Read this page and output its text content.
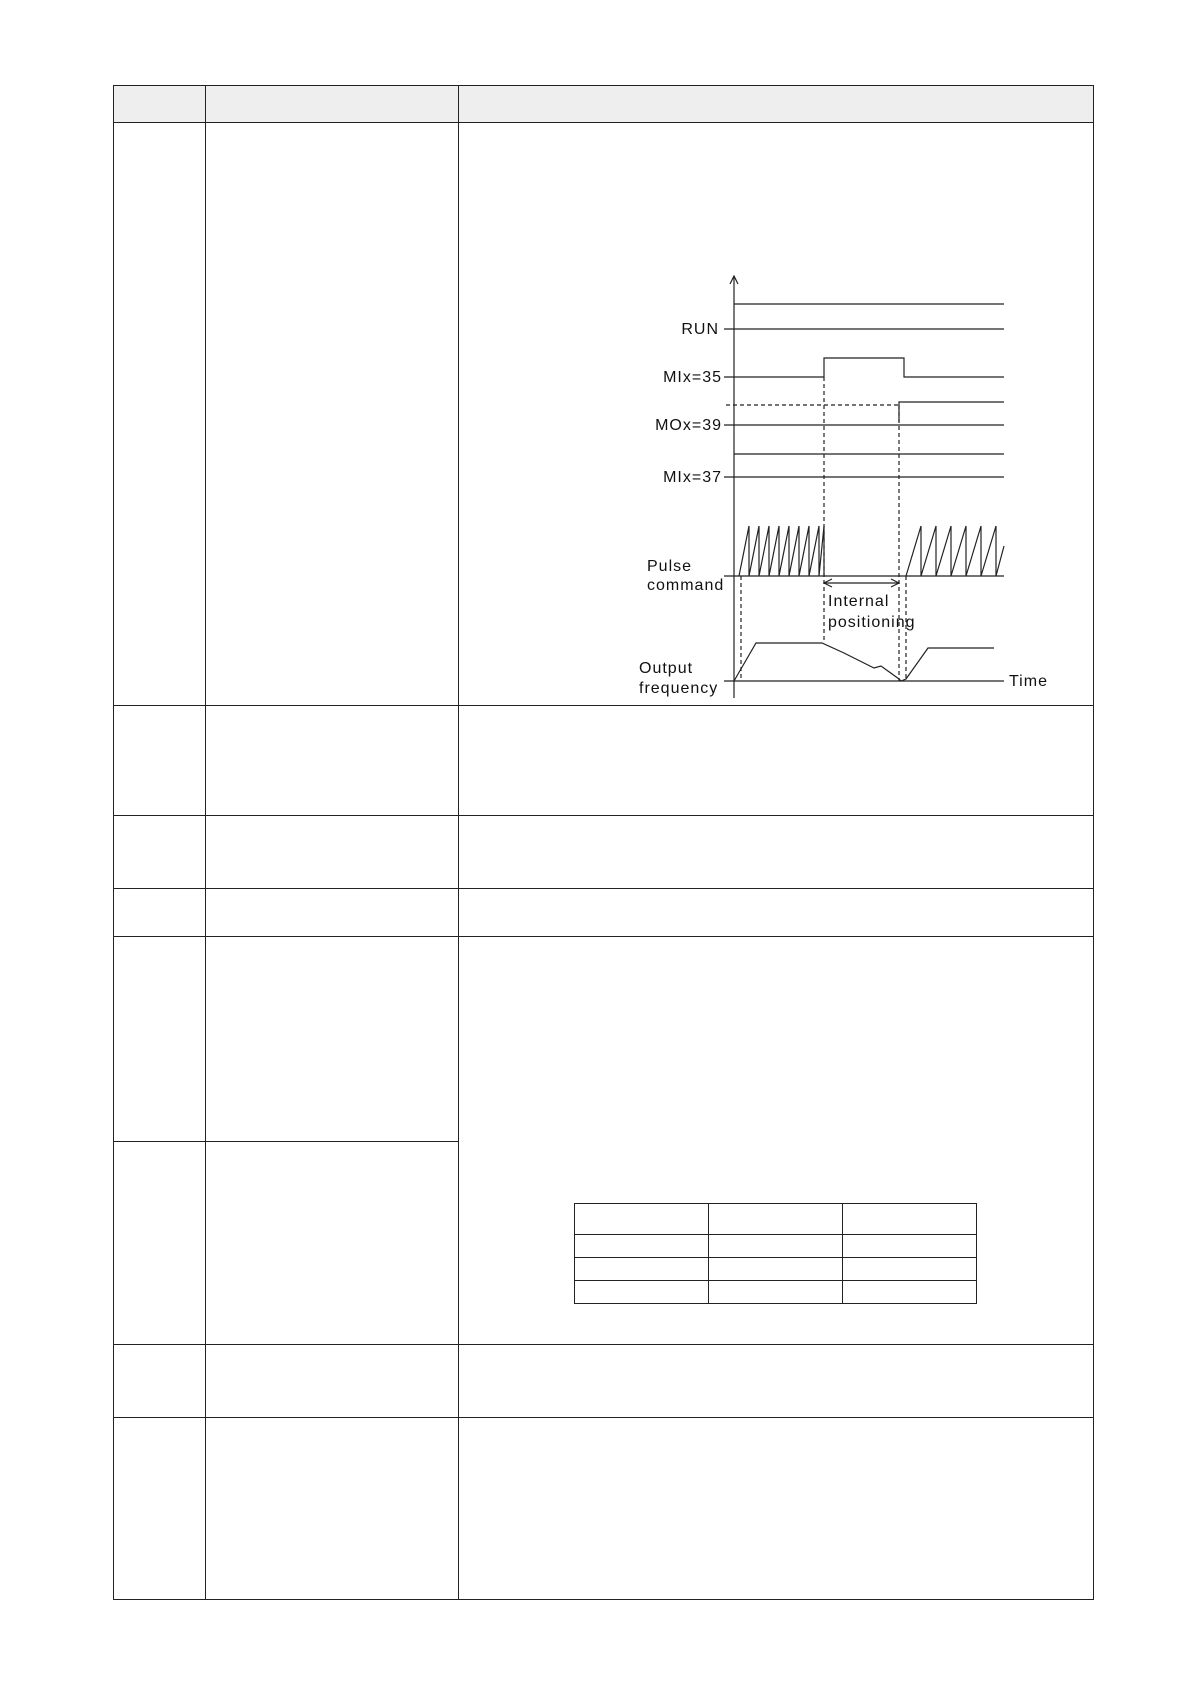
RUN
MIx=35
MOx=39
MIx=37
Pulse
command
Internal
positioning
Output
frequency	Time
